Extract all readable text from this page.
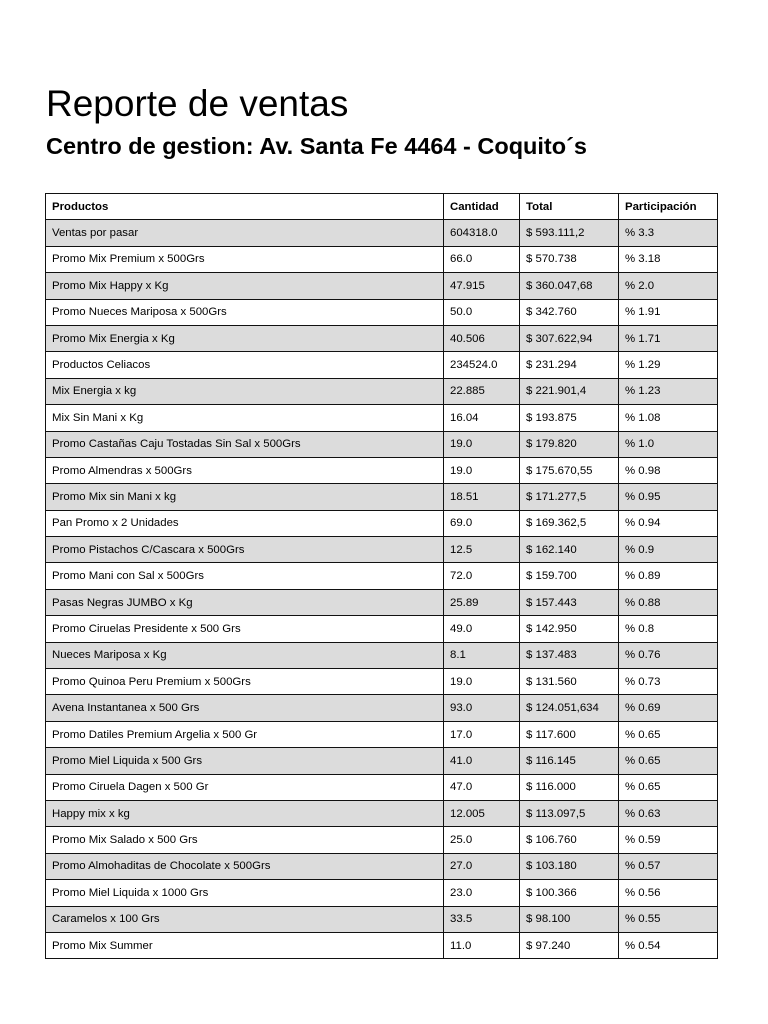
Reporte de ventas
Centro de gestion: Av. Santa Fe 4464 - Coquito´s
Productos	Cantidad	Total	Participación
Ventas por pasar	604318.0	$ 593.111,2	% 3.3
Promo Mix Premium x 500Grs	66.0	$ 570.738	% 3.18
Promo Mix Happy x Kg	47.915	$ 360.047,68	% 2.0
Promo Nueces Mariposa x 500Grs	50.0	$ 342.760	% 1.91
Promo Mix Energia x Kg	40.506	$ 307.622,94	% 1.71
Productos Celiacos	234524.0	$ 231.294	% 1.29
Mix Energia x kg	22.885	$ 221.901,4	% 1.23
Mix Sin Mani x Kg	16.04	$ 193.875	% 1.08
Promo Castañas Caju Tostadas Sin Sal x 500Grs	19.0	$ 179.820	% 1.0
Promo Almendras x 500Grs	19.0	$ 175.670,55	% 0.98
Promo Mix sin Mani x kg	18.51	$ 171.277,5	% 0.95
Pan Promo x 2 Unidades	69.0	$ 169.362,5	% 0.94
Promo Pistachos C/Cascara x 500Grs	12.5	$ 162.140	% 0.9
Promo Mani con Sal x 500Grs	72.0	$ 159.700	% 0.89
Pasas Negras JUMBO x Kg	25.89	$ 157.443	% 0.88
Promo Ciruelas Presidente x 500 Grs	49.0	$ 142.950	% 0.8
Nueces Mariposa x Kg	8.1	$ 137.483	% 0.76
Promo Quinoa Peru Premium x 500Grs	19.0	$ 131.560	% 0.73
Avena Instantanea x 500 Grs	93.0	$ 124.051,634	% 0.69
Promo Datiles Premium Argelia x 500 Gr	17.0	$ 117.600	% 0.65
Promo Miel Liquida x 500 Grs	41.0	$ 116.145	% 0.65
Promo Ciruela Dagen x 500 Gr	47.0	$ 116.000	% 0.65
Happy mix x kg	12.005	$ 113.097,5	% 0.63
Promo Mix Salado x 500 Grs	25.0	$ 106.760	% 0.59
Promo Almohaditas de Chocolate x 500Grs	27.0	$ 103.180	% 0.57
Promo Miel Liquida x 1000 Grs	23.0	$ 100.366	% 0.56
Caramelos x 100 Grs	33.5	$ 98.100	% 0.55
Promo Mix Summer	11.0	$ 97.240	% 0.54
